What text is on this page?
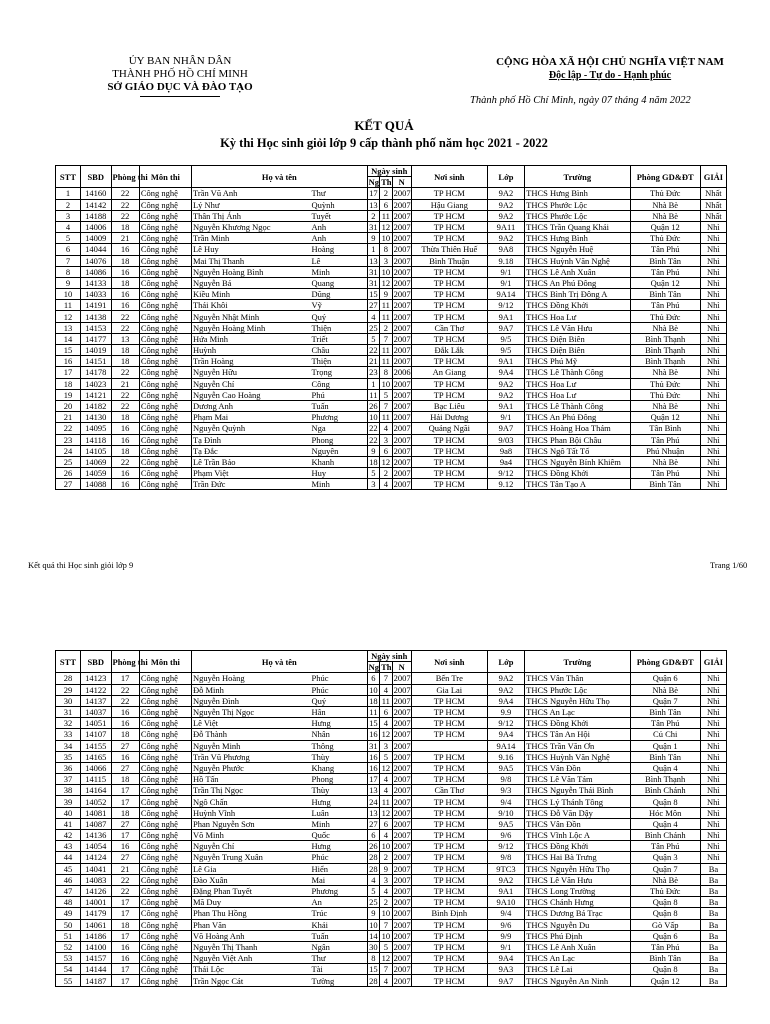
ỦY BAN NHÂN DÂN
THÀNH PHỐ HỒ CHÍ MINH
SỞ GIÁO DỤC VÀ ĐÀO TẠO
CỘNG HÒA XÃ HỘI CHỦ NGHĨA VIỆT NAM
Độc lập - Tự do - Hạnh phúc
Thành phố Hồ Chí Minh, ngày 07 tháng 4 năm 2022
KẾT QUẢ
Kỳ thi Học sinh giỏi lớp 9 cấp thành phố năm học 2021 - 2022
STT	SBD	Phòng thi	Môn thi	Họ và tên		Ngày sinh			Nơi sinh	Lớp	Trường	Phòng GD&ĐT	GIẢI
						Ng	Th	N					
1	14160	22	Công nghệ	Trần Vũ Anh	Thư	17	2	2007	TP HCM	9A2	THCS Hưng Bình	Thủ Đức	Nhất
2	14142	22	Công nghệ	Lý Như	Quỳnh	13	6	2007	Hậu Giang	9A2	THCS Phước Lộc	Nhà Bè	Nhất
3	14188	22	Công nghệ	Thân Thị Ánh	Tuyết	2	11	2007	TP HCM	9A2	THCS Phước Lộc	Nhà Bè	Nhất
4	14006	18	Công nghệ	Nguyễn Khương Ngọc	Anh	31	12	2007	TP HCM	9A11	THCS Trần Quang Khải	Quận 12	Nhì
5	14009	21	Công nghệ	Trần Minh	Anh	9	10	2007	TP HCM	9A2	THCS Hưng Bình	Thủ Đức	Nhì
6	14044	16	Công nghệ	Lê Huy	Hoàng	1	8	2007	Thừa Thiên Huế	9A8	THCS Nguyễn Huệ	Tân Phú	Nhì
7	14076	18	Công nghệ	Mai Thị Thanh	Lê	13	3	2007	Bình Thuận	9.18	THCS Huỳnh Văn Nghệ	Bình Tân	Nhì
8	14086	16	Công nghệ	Nguyễn Hoàng Bình	Minh	31	10	2007	TP HCM	9/1	THCS Lê Anh Xuân	Tân Phú	Nhì
9	14133	18	Công nghệ	Nguyễn Bá	Quang	31	12	2007	TP HCM	9/1	THCS An Phú Đông	Quận 12	Nhì
10	14033	16	Công nghệ	Kiều Minh	Dũng	15	9	2007	TP HCM	9A14	THCS Bình Trị Đông A	Bình Tân	Nhì
11	14191	16	Công nghệ	Thái Khôi	Vỹ	27	11	2007	TP HCM	9/12	THCS Đồng Khởi	Tân Phú	Nhì
12	14138	22	Công nghệ	Nguyễn Nhật Minh	Quý	4	11	2007	TP HCM	9A1	THCS Hoa Lư	Thủ Đức	Nhì
13	14153	22	Công nghệ	Nguyễn Hoàng Minh	Thiện	25	2	2007	Cần Thơ	9A7	THCS Lê Văn Hưu	Nhà Bè	Nhì
14	14177	13	Công nghệ	Hứa Minh	Triết	5	7	2007	TP HCM	9/5	THCS Điện Biên	Bình Thạnh	Nhì
15	14019	18	Công nghệ	Huỳnh	Châu	22	11	2007	Đắk Lắk	9/5	THCS Điện Biên	Bình Thạnh	Nhì
16	14151	18	Công nghệ	Trần Hoàng	Thiện	21	11	2007	TP HCM	9A1	THCS Phú Mỹ	Bình Thạnh	Nhì
17	14178	22	Công nghệ	Nguyễn Hữu	Trọng	23	8	2006	An Giang	9A4	THCS Lê Thành Công	Nhà Bè	Nhì
18	14023	21	Công nghệ	Nguyễn Chí	Công	1	10	2007	TP HCM	9A2	THCS Hoa Lư	Thủ Đức	Nhì
19	14121	22	Công nghệ	Nguyễn Cao Hoàng	Phú	11	5	2007	TP HCM	9A2	THCS Hoa Lư	Thủ Đức	Nhì
20	14182	22	Công nghệ	Dương Anh	Tuấn	26	7	2007	Bạc Liêu	9A1	THCS Lê Thành Công	Nhà Bè	Nhì
21	14130	18	Công nghệ	Phạm Mai	Phương	10	11	2007	Hải Dương	9/1	THCS An Phú Đông	Quận 12	Nhì
22	14095	16	Công nghệ	Nguyễn Quỳnh	Nga	22	4	2007	Quảng Ngãi	9A7	THCS Hoàng Hoa Thám	Tân Bình	Nhì
23	14118	16	Công nghệ	Tạ Đình	Phong	22	3	2007	TP HCM	9/03	THCS Phan Bội Châu	Tân Phú	Nhì
24	14105	18	Công nghệ	Tạ Đắc	Nguyên	9	6	2007	TP HCM	9a8	THCS Ngô Tất Tố	Phú Nhuận	Nhì
25	14069	22	Công nghệ	Lê Trần Bảo	Khanh	18	12	2007	TP HCM	9a4	THCS Nguyễn Bỉnh Khiêm	Nhà Bè	Nhì
26	14059	16	Công nghệ	Phạm Việt	Huy	5	2	2007	TP HCM	9/12	THCS Đồng Khởi	Tân Phú	Nhì
27	14088	16	Công nghệ	Trần Đức	Minh	3	4	2007	TP HCM	9.12	THCS Tân Tạo A	Bình Tân	Nhì
Kết quả thi Học sinh giỏi lớp 9	Trang 1/60
STT	SBD	Phòng thi	Môn thi	Họ và tên		Ngày sinh			Nơi sinh	Lớp	Trường	Phòng GD&ĐT	GIẢI
						Ng	Th	N					
28	14123	17	Công nghệ	Nguyễn Hoàng	Phúc	6	7	2007	Bến Tre	9A2	THCS Vân Thân	Quận 6	Nhì
29	14122	22	Công nghệ	Đỗ Minh	Phúc	10	4	2007	Gia Lai	9A2	THCS Phước Lộc	Nhà Bè	Nhì
30	14137	22	Công nghệ	Nguyễn Đình	Quý	18	11	2007	TP HCM	9A4	THCS Nguyễn Hữu Thọ	Quận 7	Nhì
31	14037	16	Công nghệ	Nguyễn Thị Ngọc	Hân	11	6	2007	TP HCM	9.9	THCS An Lạc	Bình Tân	Nhì
32	14051	16	Công nghệ	Lê Việt	Hưng	15	4	2007	TP HCM	9/12	THCS Đồng Khởi	Tân Phú	Nhì
33	14107	18	Công nghệ	Đỗ Thành	Nhân	16	12	2007	TP HCM	9A4	THCS Tân An Hội	Củ Chi	Nhì
34	14155	27	Công nghệ	Nguyễn Minh	Thông	31	3	2007		9A14	THCS Trần Văn Ơn	Quận 1	Nhì
35	14165	16	Công nghệ	Trần Vũ Phương	Thùy	16	5	2007	TP HCM	9.16	THCS Huỳnh Văn Nghệ	Bình Tân	Nhì
36	14066	27	Công nghệ	Nguyễn Phước	Khang	16	12	2007	TP HCM	9A5	THCS Vân Đồn	Quận 4	Nhì
37	14115	18	Công nghệ	Hồ Tấn	Phong	17	4	2007	TP HCM	9/8	THCS Lê Văn Tám	Bình Thạnh	Nhì
38	14164	17	Công nghệ	Trần Thị Ngọc	Thùy	13	4	2007	Cần Thơ	9/3	THCS Nguyễn Thái Bình	Bình Chánh	Nhì
39	14052	17	Công nghệ	Ngô Chấn	Hưng	24	11	2007	TP HCM	9/4	THCS Lý Thánh Tông	Quận 8	Nhì
40	14081	18	Công nghệ	Huỳnh Vĩnh	Luân	13	12	2007	TP HCM	9/10	THCS Đỗ Văn Dậy	Hóc Môn	Nhì
41	14087	27	Công nghệ	Phan Nguyễn Sơn	Minh	27	6	2007	TP HCM	9A5	THCS Vân Đồn	Quận 4	Nhì
42	14136	17	Công nghệ	Võ Minh	Quốc	6	4	2007	TP HCM	9/6	THCS Vĩnh Lộc A	Bình Chánh	Nhì
43	14054	16	Công nghệ	Nguyễn Chí	Hưng	26	10	2007	TP HCM	9/12	THCS Đồng Khởi	Tân Phú	Nhì
44	14124	27	Công nghệ	Nguyễn Trung Xuân	Phúc	28	2	2007	TP HCM	9/8	THCS Hai Bà Trưng	Quận 3	Nhì
45	14041	21	Công nghệ	Lê Gia	Hiển	28	9	2007	TP HCM	9TC3	THCS Nguyễn Hữu Thọ	Quận 7	Ba
46	14083	22	Công nghệ	Đào Xuân	Mai	4	3	2007	TP HCM	9A2	THCS Lê Văn Hưu	Nhà Bè	Ba
47	14126	22	Công nghệ	Đặng Phan Tuyết	Phương	5	4	2007	TP HCM	9A1	THCS Long Trường	Thủ Đức	Ba
48	14001	17	Công nghệ	Mã Duy	An	25	2	2007	TP HCM	9A10	THCS Chánh Hưng	Quận 8	Ba
49	14179	17	Công nghệ	Phan Thu Hồng	Trúc	9	10	2007	Bình Định	9/4	THCS Dương Bá Trạc	Quận 8	Ba
50	14061	18	Công nghệ	Phan Văn	Khải	10	7	2007	TP HCM	9/6	THCS Nguyễn Du	Gò Vấp	Ba
51	14186	17	Công nghệ	Võ Hoàng Anh	Tuấn	14	10	2007	TP HCM	9/9	THCS Phú Định	Quận 6	Ba
52	14100	16	Công nghệ	Nguyễn Thị Thanh	Ngân	30	5	2007	TP HCM	9/1	THCS Lê Anh Xuân	Tân Phú	Ba
53	14157	16	Công nghệ	Nguyễn Việt Anh	Thư	8	12	2007	TP HCM	9A4	THCS An Lạc	Bình Tân	Ba
54	14144	17	Công nghệ	Thái Lộc	Tài	15	7	2007	TP HCM	9A3	THCS Lê Lai	Quận 8	Ba
55	14187	17	Công nghệ	Trần Ngọc Cát	Tường	28	4	2007	TP HCM	9A7	THCS Nguyễn An Ninh	Quận 12	Ba
